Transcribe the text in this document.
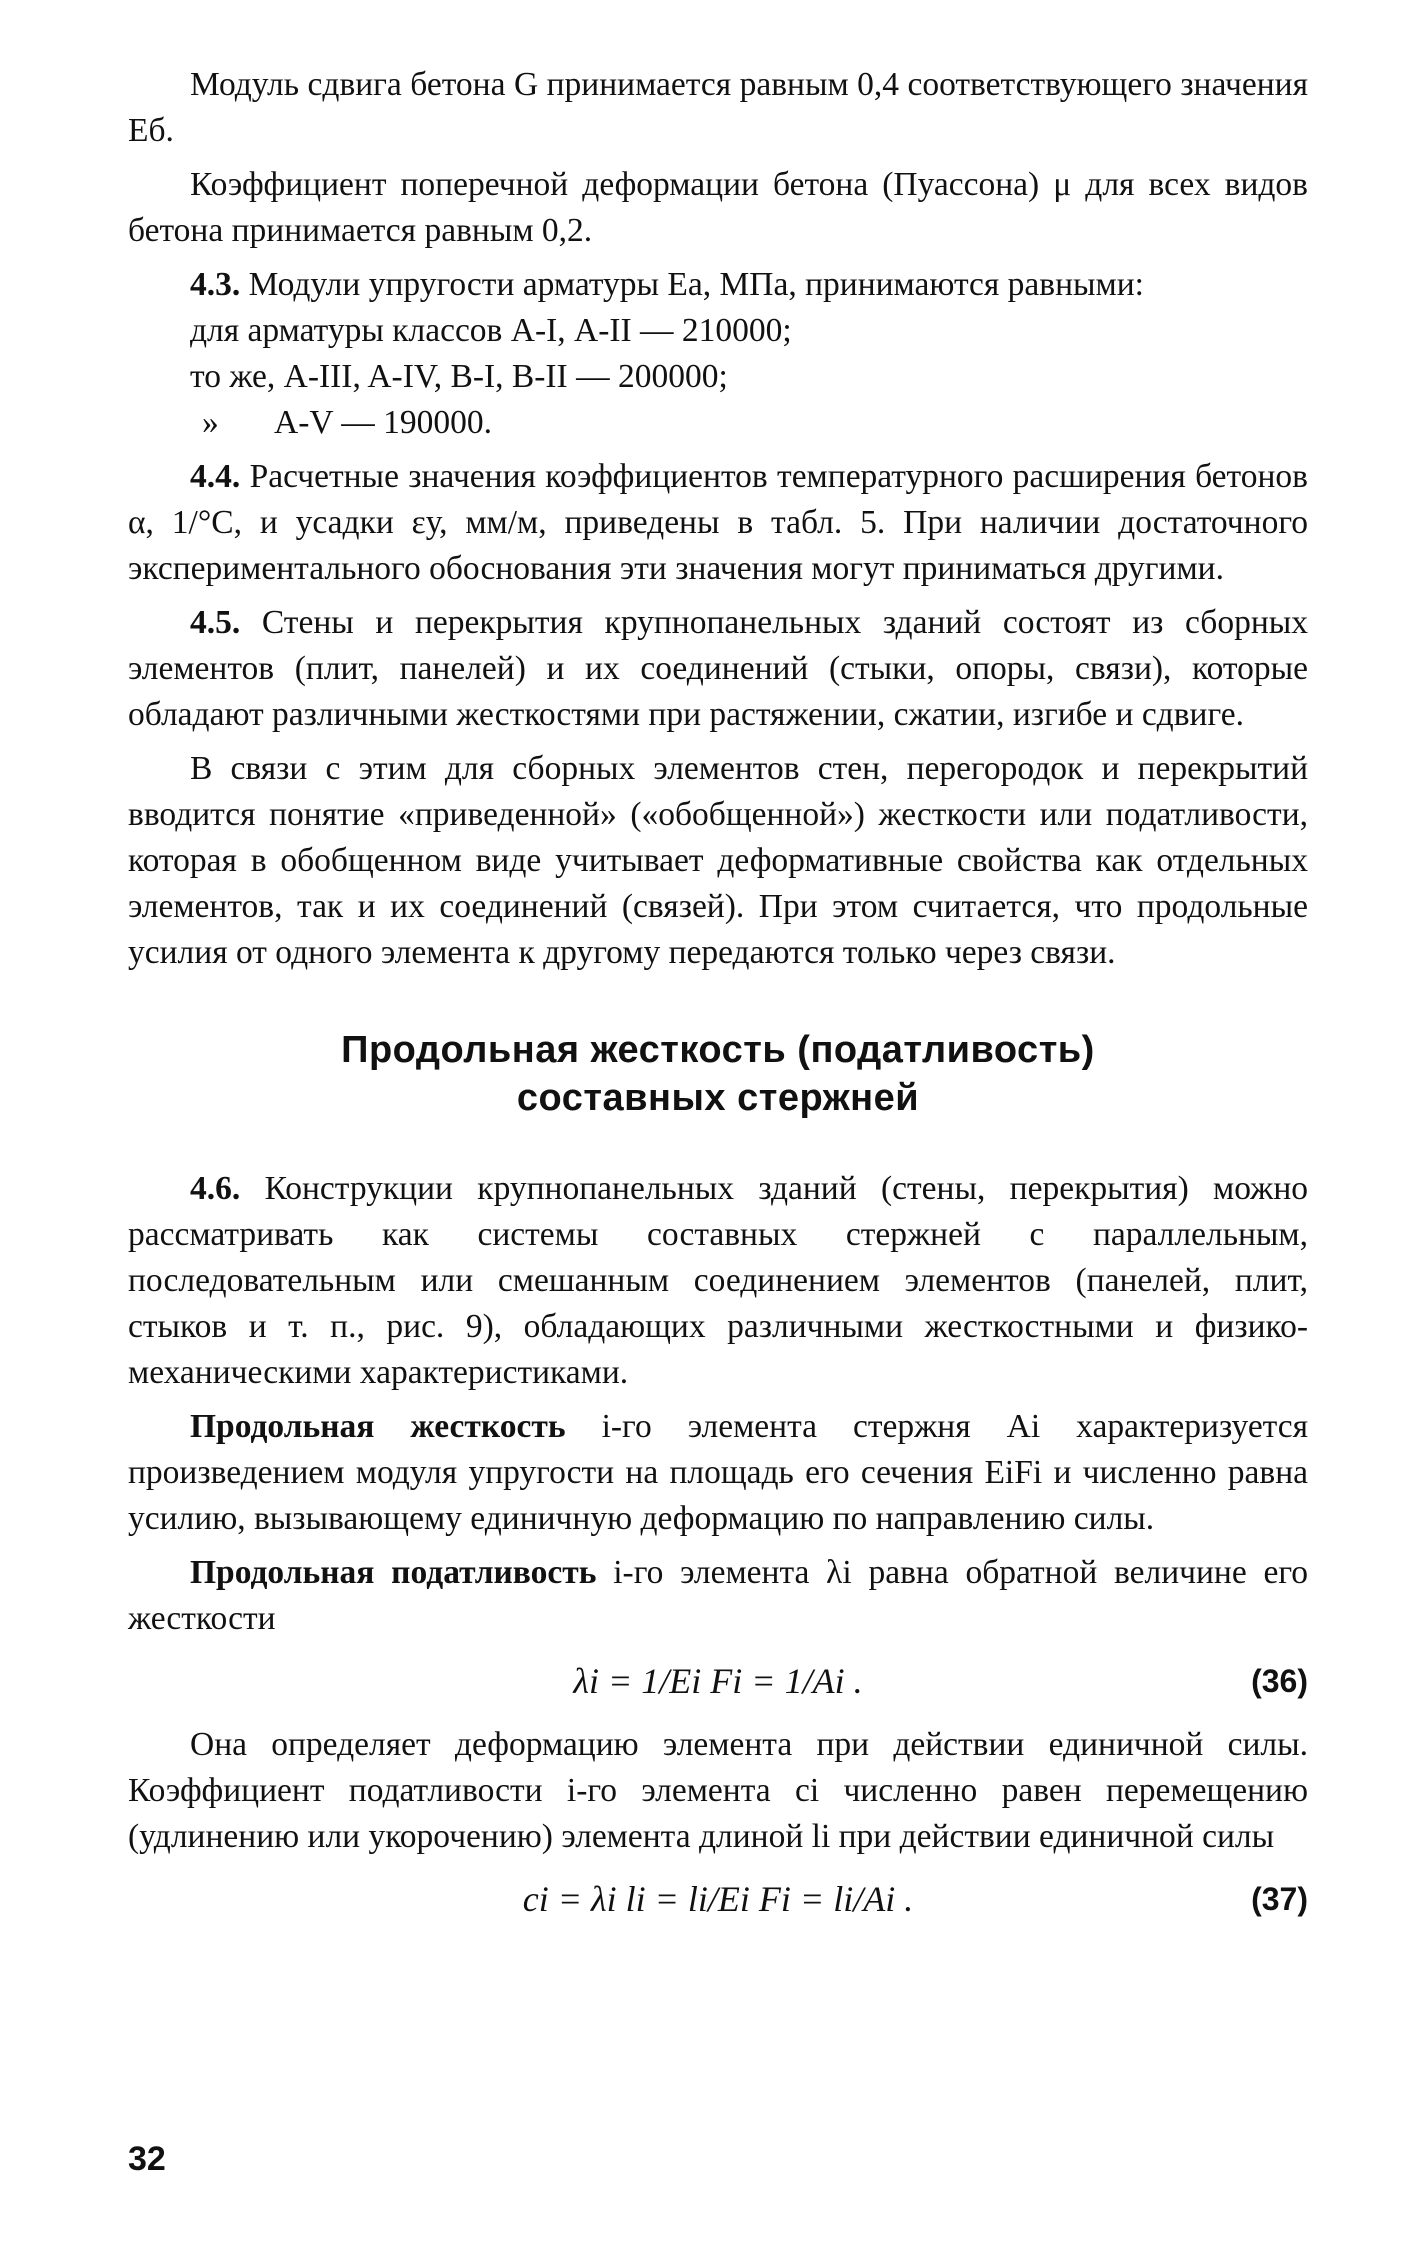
Модуль сдвига бетона G принимается равным 0,4 соответствующего значения Eб.

Коэффициент поперечной деформации бетона (Пуассона) μ для всех видов бетона принимается равным 0,2.

4.3. Модули упругости арматуры Eа, МПа, принимаются равными:

для арматуры классов А-I, А-II — 210000;
то же, А-III, A-IV, В-I, В-II — 200000;
» A-V — 190000.

4.4. Расчетные значения коэффициентов температурного расширения бетонов α, 1/°С, и усадки εу, мм/м, приведены в табл. 5. При наличии достаточного экспериментального обоснования эти значения могут приниматься другими.

4.5. Стены и перекрытия крупнопанельных зданий состоят из сборных элементов (плит, панелей) и их соединений (стыки, опоры, связи), которые обладают различными жесткостями при растяжении, сжатии, изгибе и сдвиге.

В связи с этим для сборных элементов стен, перегородок и перекрытий вводится понятие «приведенной» («обобщенной») жесткости или податливости, которая в обобщенном виде учитывает деформативные свойства как отдельных элементов, так и их соединений (связей). При этом считается, что продольные усилия от одного элемента к другому передаются только через связи.

Продольная жесткость (податливость)
составных стержней

4.6. Конструкции крупнопанельных зданий (стены, перекрытия) можно рассматривать как системы составных стержней с параллельным, последовательным или смешанным соединением элементов (панелей, плит, стыков и т. п., рис. 9), обладающих различными жесткостными и физико-механическими характеристиками.

Продольная жесткость i-го элемента стержня Ai характеризуется произведением модуля упругости на площадь его сечения EiFi и численно равна усилию, вызывающему единичную деформацию по направлению силы.

Продольная податливость i-го элемента λi равна обратной величине его жесткости

λi = 1/Ei Fi = 1/Ai .	(36)

Она определяет деформацию элемента при действии единичной силы. Коэффициент податливости i-го элемента ci численно равен перемещению (удлинению или укорочению) элемента длиной li при действии единичной силы

ci = λi li = li/Ei Fi = li/Ai .	(37)
32
